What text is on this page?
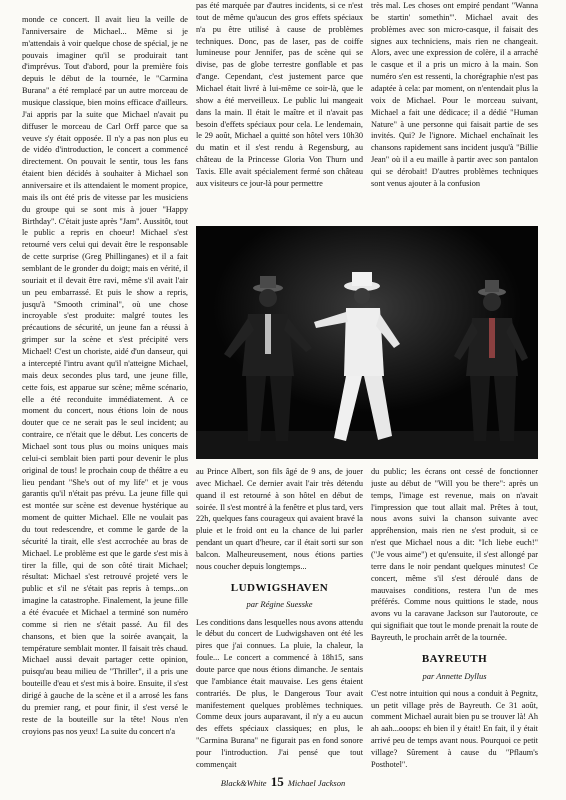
monde ce concert. Il avait lieu la veille de l'anniversaire de Michael... Même si je m'attendais à voir quelque chose de spécial, je ne pouvais imaginer qu'il se produirait tant d'imprévus. Tout d'abord, pour la première fois depuis le début de la tournée, le "Carmina Burana" a été remplacé par un autre morceau de musique classique, bien moins efficace d'ailleurs. J'ai appris par la suite que Michael n'avait pu diffuser le morceau de Carl Orff parce que sa veuve s'y était opposée. Il n'y a pas non plus eu de vidéo d'introduction, le concert a commencé directement. On pouvait le sentir, tous les fans étaient bien décidés à souhaiter à Michael son anniversaire et ils attendaient le moment propice, mais ils ont été pris de vitesse par les musiciens du groupe qui se sont mis à jouer "Happy Birthday". C'était juste après "Jam". Aussitôt, tout le public a repris en choeur! Michael s'est retourné vers celui qui devait être le responsable de cette surprise (Greg Phillinganes) et il a fait semblant de le gronder du doigt; mais en vérité, il souriait et il devait être ravi, même s'il avait l'air un peu embarrassé. Et puis le show a repris, jusqu'à "Smooth criminal", où une chose incroyable s'est produite: malgré toutes les précautions de sécurité, un jeune fan a réussi à grimper sur la scène et s'est précipité vers Michael! C'est un choriste, aidé d'un danseur, qui a intercepté l'intru avant qu'il n'atteigne Michael, mais deux secondes plus tard, une jeune fille, cette fois, est apparue sur scène; même scénario, elle a été reconduite immédiatement. A ce moment du concert, nous étions loin de nous douter que ce ne serait pas le seul incident; au contraire, ce n'était que le début. Les concerts de Michael sont tous plus ou moins uniques mais celui-ci semblait bien parti pour devenir le plus original de tous! le prochain coup de théâtre a eu lieu pendant "She's out of my life" et je vous garantis qu'il n'était pas prévu. La jeune fille qui est montée sur scène est devenue hystérique au moment de quitter Michael. Elle ne voulait pas du tout redescendre, et comme le garde de la sécurité la tirait, elle s'est accrochée au bras de Michael. Le problème est que le garde s'est mis à tirer la fille, qui de son côté tirait Michael; résultat: Michael s'est retrouvé projeté vers le public et s'il ne s'était pas repris à temps...on imagine la catastrophe. Finalement, la jeune fille a été évacuée et Michael a terminé son numéro comme si rien ne s'était passé. Au fil des chansons, et bien que la soirée avançait, la température semblait monter. Il faisait très chaud. Michael aussi devait partager cette opinion, puisqu'au beau milieu de "Thriller", il a pris une bouteille d'eau et s'est mis à boire. Ensuite, il s'est dirigé à gauche de la scène et il a arrosé les fans du premier rang, et pour finir, il s'est versé le reste de la bouteille sur la tête! Nous n'en croyions pas nos yeux! La suite du concert n'a

pas été marquée par d'autres incidents, si ce n'est tout de même qu'aucun des gros effets spéciaux n'a pu être utilisé à cause de problèmes techniques. Donc, pas de laser, pas de coiffe lumineuse pour Jennifer, pas de scène qui se divise, pas de globe terrestre gonflable et pas d'ange. Cependant, c'est justement parce que Michael était livré à lui-même ce soir-là, que le show a été merveilleux. Le public lui mangeait dans la main. Il était le maître et il n'avait pas besoin d'effets spéciaux pour cela. Le lendemain, le 29 août, Michael a quitté son hôtel vers 10h30 du matin et il s'est rendu à Regensburg, au château de la Princesse Gloria Von Thurn und Taxis. Elle avait spécialement fermé son château aux visiteurs ce jour-là pour permettre

très mal. Les choses ont empiré pendant "Wanna be startin' somethin'". Michael avait des problèmes avec son micro-casque, il faisait des signes aux techniciens, mais rien ne changeait. Alors, avec une expression de colère, il a arraché le casque et il a pris un micro à la main. Son numéro s'en est ressenti, la chorégraphie n'est pas adaptée à cela: par moment, on n'entendait plus la voix de Michael. Pour le morceau suivant, Michael a fait une dédicace; il a dédié "Human Nature" à une personne qui faisait partie de ses invités. Qui? Je l'ignore. Michael enchaînait les chansons rapidement sans incident jusqu'à "Billie Jean" où il a eu maille à partir avec son pantalon qui se dérobait! D'autres problèmes techniques sont venus ajouter à la confusion

au Prince Albert, son fils âgé de 9 ans, de jouer avec Michael. Ce dernier avait l'air très détendu quand il est retourné à son hôtel en début de soirée. Il s'est montré à la fenêtre et plus tard, vers 22h, quelques fans courageux qui avaient bravé la pluie et le froid ont eu la chance de lui parler pendant un quart d'heure, car il était sorti sur son balcon. Malheureusement, nous étions parties nous coucher depuis longtemps...

LUDWIGSHAVEN
par Régine Suesske

Les conditions dans lesquelles nous avons attendu le début du concert de Ludwigshaven ont été les pires que j'ai connues. La pluie, la chaleur, la foule... Le concert a commencé à 18h15, sans doute parce que nous étions dimanche. Je sentais que l'ambiance était mauvaise. Les gens étaient contrariés. De plus, le Dangerous Tour avait manifestement quelques problèmes techniques. Comme deux jours auparavant, il n'y a eu aucun des effets spéciaux classiques; en plus, le "Carmina Burana" ne figurait pas en fond sonore pour l'introduction. J'ai pensé que tout commençait

du public; les écrans ont cessé de fonctionner juste au début de "Will you be there": après un temps, l'image est revenue, mais on n'avait l'impression que tout allait mal. Prêtes à tout, nous avons suivi la chanson suivante avec appréhension, mais rien ne s'est produit, si ce n'est que Michael nous a dit: "Ich liebe euch!" ("Je vous aime") et qu'ensuite, il s'est allongé par terre dans le noir pendant quelques minutes! Ce concert, même s'il s'est déroulé dans de mauvaises conditions, restera l'un de mes préférés. Comme nous quittions le stade, nous avons vu la caravane Jackson sur l'autoroute, ce qui signifiait que tout le monde prenait la route de Bayreuth, le prochain arrêt de la tournée.

BAYREUTH
par Annette Dyllus

C'est notre intuition qui nous a conduit à Pegnitz, un petit village près de Bayreuth. Ce 31 août, comment Michael aurait bien pu se trouver là! Ah ah aah...ooops: eh bien il y était! En fait, il y était arrivé peu de temps avant nous. Pourquoi ce petit village? Sûrement à cause du "Pflaum's Posthotel".

Black&White 15 Michael Jackson
